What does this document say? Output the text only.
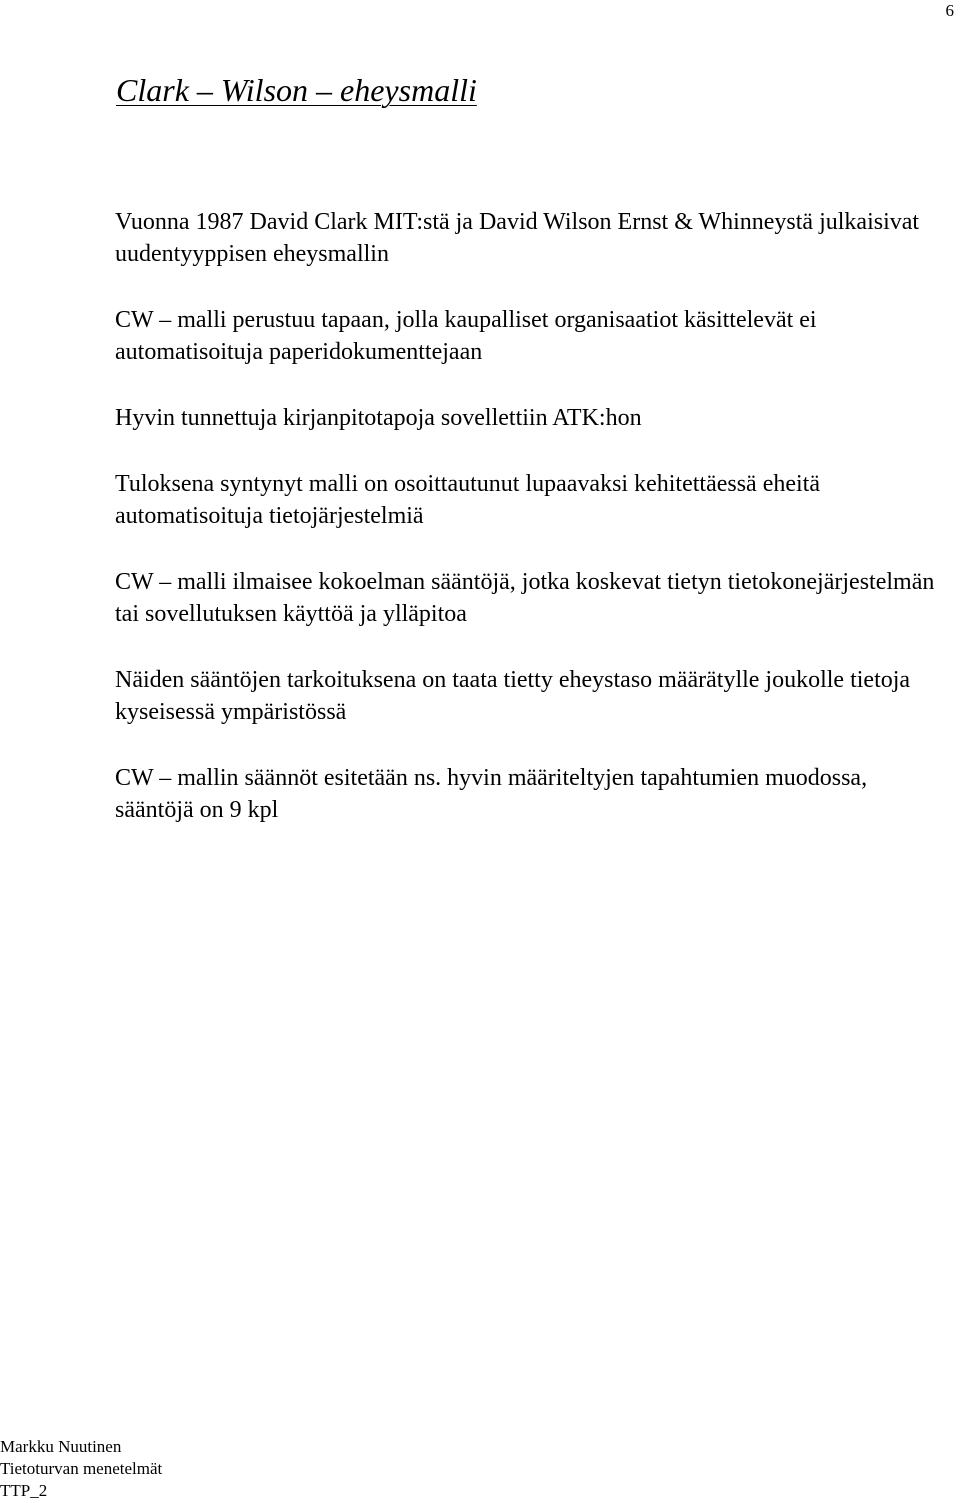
6
Clark – Wilson – eheysmalli

Vuonna 1987 David Clark MIT:stä ja David Wilson Ernst & Whinneystä julkaisivat uudentyyppisen eheysmallin

CW – malli perustuu tapaan, jolla kaupalliset organisaatiot käsittelevät ei automatisoituja paperidokumenttejaan

Hyvin tunnettuja kirjanpitotapoja sovellettiin ATK:hon

Tuloksena syntynyt malli on osoittautunut lupaavaksi kehitettäessä eheitä automatisoituja tietojärjestelmiä

CW – malli ilmaisee kokoelman sääntöjä, jotka koskevat tietyn tietokonejärjestelmän tai sovellutuksen käyttöä ja ylläpitoa

Näiden sääntöjen tarkoituksena on taata tietty eheystaso määrätylle joukolle tietoja kyseisessä ympäristössä

CW – mallin säännöt esitetään ns. hyvin määriteltyjen tapahtumien muodossa, sääntöjä on 9 kpl

Markku Nuutinen
Tietoturvan menetelmät
TTP_2
